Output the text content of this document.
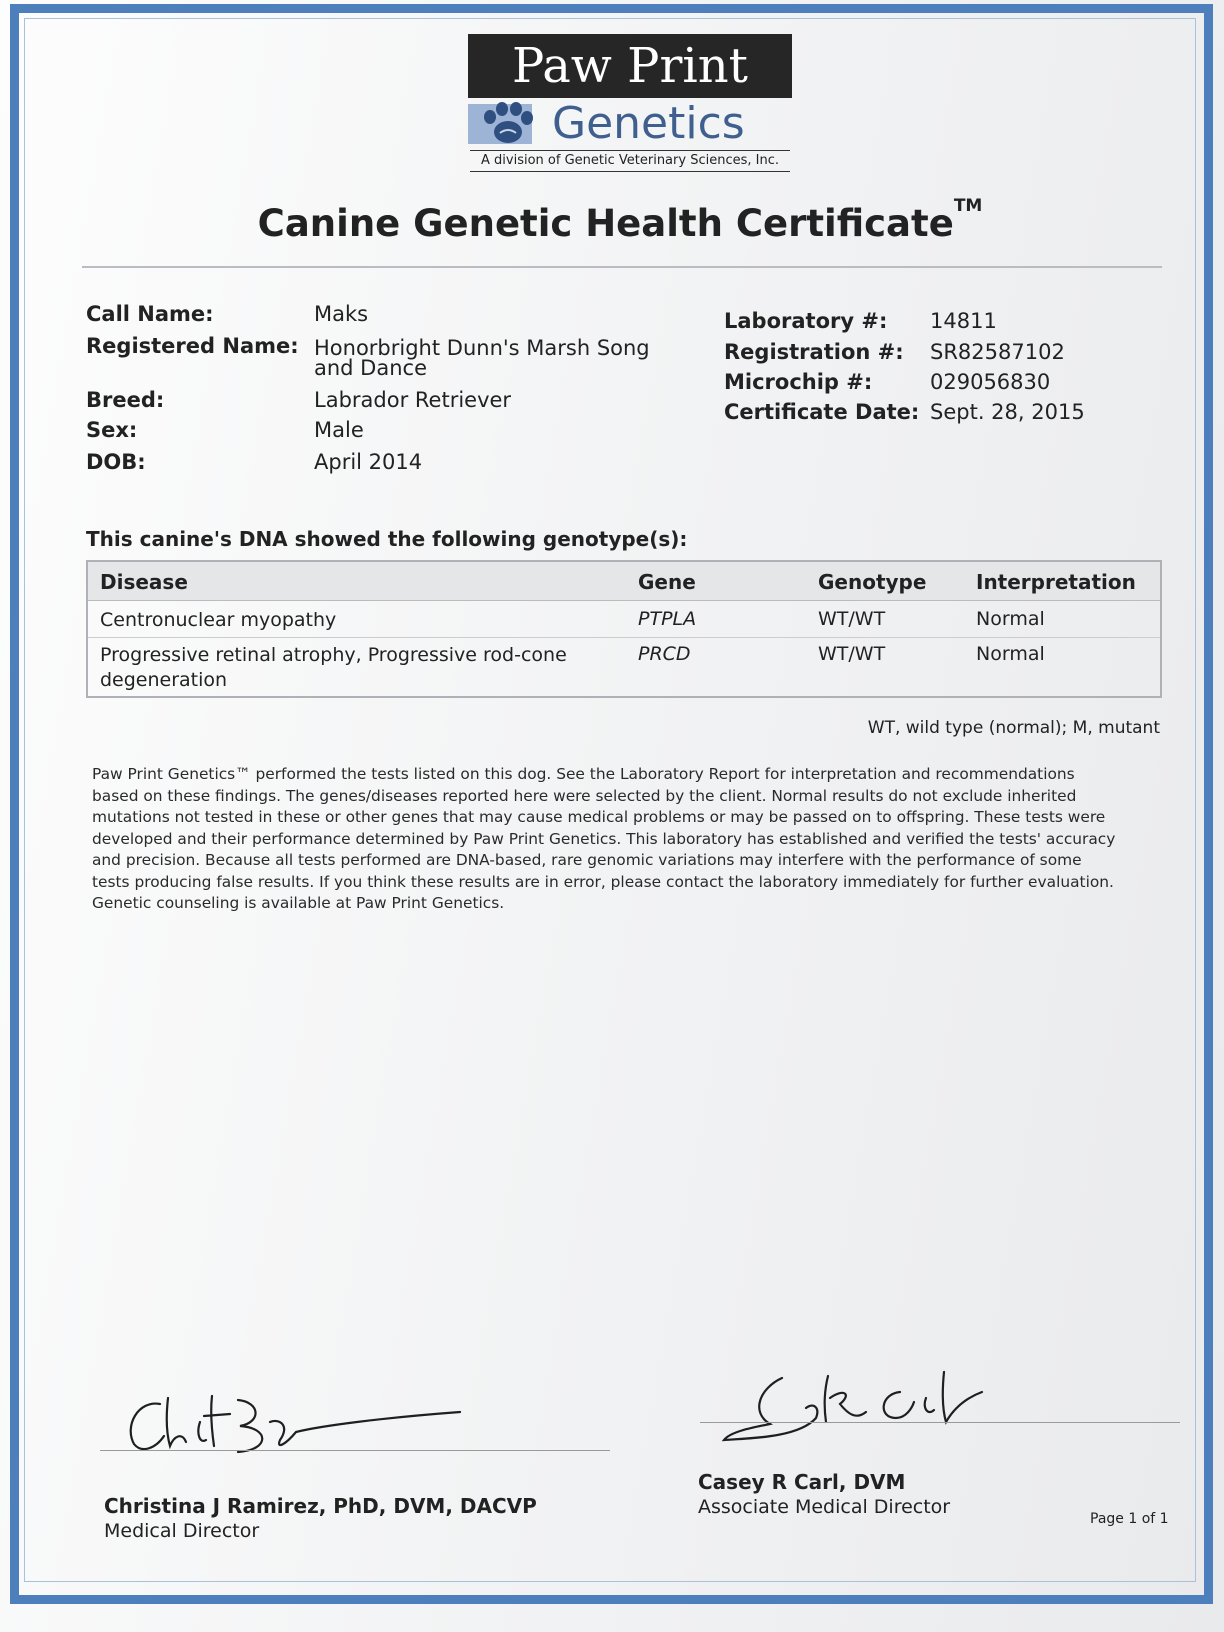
Paw Print
Genetics
A division of Genetic Veterinary Sciences, Inc.
Canine Genetic Health Certificate™
Call Name:	Maks
Registered Name: Honorbright Dunn's Marsh Song
and Dance
Breed:	Labrador Retriever
Sex:	Male
DOB:	April 2014
Laboratory #: 14811
Registration #: SR82587102
Microchip #:	029056830
Certificate Date: Sept. 28, 2015
This canine's DNA showed the following genotype(s):
Disease	Gene	Genotype Interpretation
Centronuclear myopathy	PTPLA	WT/WT	Normal
Progressive retinal atrophy, Progressive rod-cone
degeneration
PRCD	WT/WT	Normal
WT, wild type (normal); M, mutant
Paw Print Genetics™ performed the tests listed on this dog. See the Laboratory Report for interpretation and recommendations
based on these findings. The genes/diseases reported here were selected by the client. Normal results do not exclude inherited
mutations not tested in these or other genes that may cause medical problems or may be passed on to offspring. These tests were
developed and their performance determined by Paw Print Genetics. This laboratory has established and verified the tests' accuracy
and precision. Because all tests performed are DNA-based, rare genomic variations may interfere with the performance of some
tests producing false results. If you think these results are in error, please contact the laboratory immediately for further evaluation.
Genetic counseling is available at Paw Print Genetics.
Christina J Ramirez, PhD, DVM, DACVP
Medical Director
Casey R Carl, DVM
Associate Medical Director
Page 1 of 1
